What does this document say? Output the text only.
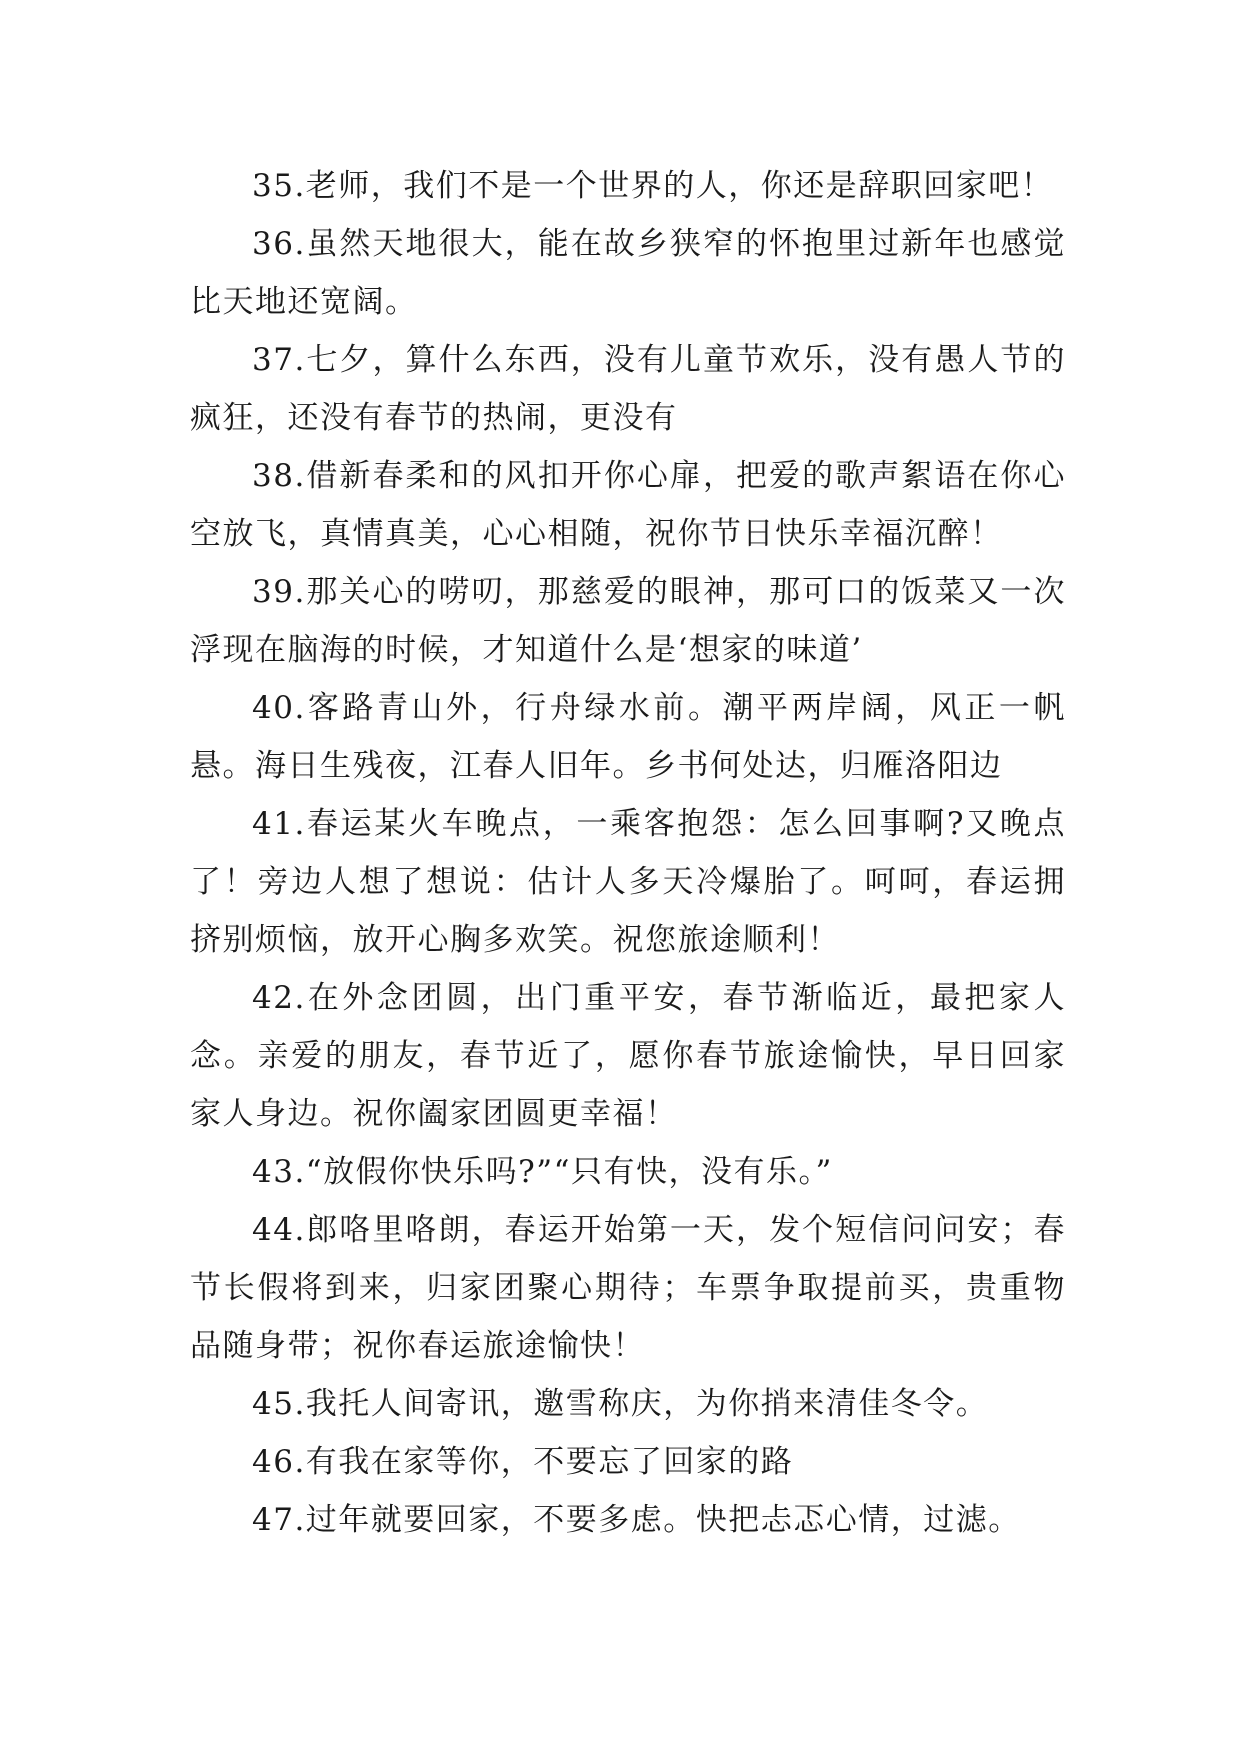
35.老师，我们不是一个世界的人，你还是辞职回家吧！

36.虽然天地很大，能在故乡狭窄的怀抱里过新年也感觉比天地还宽阔。

37.七夕，算什么东西，没有儿童节欢乐，没有愚人节的疯狂，还没有春节的热闹，更没有

38.借新春柔和的风扣开你心扉，把爱的歌声絮语在你心空放飞，真情真美，心心相随，祝你节日快乐幸福沉醉！

39.那关心的唠叨，那慈爱的眼神，那可口的饭菜又一次浮现在脑海的时候，才知道什么是‘想家的味道’

40.客路青山外，行舟绿水前。潮平两岸阔，风正一帆悬。海日生残夜，江春人旧年。乡书何处达，归雁洛阳边

41.春运某火车晚点，一乘客抱怨：怎么回事啊?又晚点了！旁边人想了想说：估计人多天冷爆胎了。呵呵，春运拥挤别烦恼，放开心胸多欢笑。祝您旅途顺利！

42.在外念团圆，出门重平安，春节渐临近，最把家人念。亲爱的朋友，春节近了，愿你春节旅途愉快，早日回家家人身边。祝你阖家团圆更幸福！

43.“放假你快乐吗?”“只有快，没有乐。”

44.郎咯里咯朗，春运开始第一天，发个短信问问安；春节长假将到来，归家团聚心期待；车票争取提前买，贵重物品随身带；祝你春运旅途愉快！

45.我托人间寄讯，邀雪称庆，为你捎来清佳冬令。

46.有我在家等你，不要忘了回家的路

47.过年就要回家，不要多虑。快把忐忑心情，过滤。
